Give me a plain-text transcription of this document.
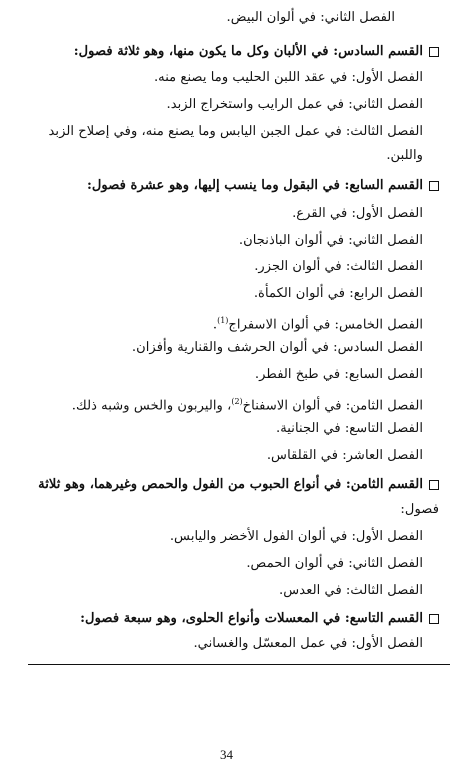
الفصل الثاني: في ألوان البيض.
القسم السادس: في الألبان وكل ما يكون منها، وهو ثلاثة فصول:
الفصل الأول: في عقد اللبن الحليب وما يصنع منه.
الفصل الثاني: في عمل الرايب واستخراج الزبد.
الفصل الثالث: في عمل الجبن اليابس وما يصنع منه، وفي إصلاح الزبد
واللبن.
القسم السابع: في البقول وما ينسب إليها، وهو عشرة فصول:
الفصل الأول: في القرع.
الفصل الثاني: في ألوان الباذنجان.
الفصل الثالث: في ألوان الجزر.
الفصل الرابع: في ألوان الكمأة.
الفصل الخامس: في ألوان الاسفراج$^{(1)}$.
الفصل السادس: في ألوان الحرشف والقنارية وأفزان.
الفصل السابع: في طبخ الفطر.
الفصل الثامن: في ألوان الاسفناخ$^{(2)}$، واليربون والخس وشبه ذلك.
الفصل التاسع: في الجنانية.
الفصل العاشر: في القلقاس.
القسم الثامن: في أنواع الحبوب من الفول والحمص وغيرهما، وهو ثلاثة
فصول:
الفصل الأول: في ألوان الفول الأخضر واليابس.
الفصل الثاني: في ألوان الحمص.
الفصل الثالث: في العدس.
القسم التاسع: في المعسلات وأنواع الحلوى، وهو سبعة فصول:
الفصل الأول: في عمل المعسّل والغساني.
34
